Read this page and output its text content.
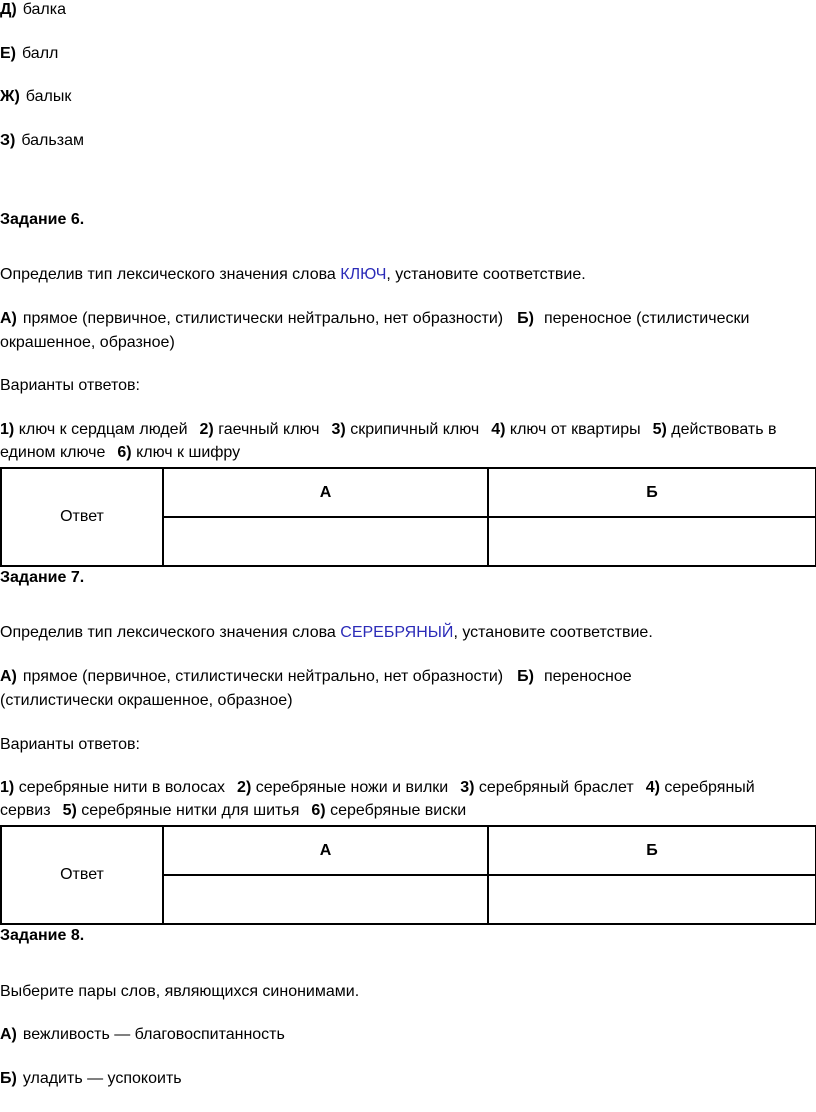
Д) балка
Е) балл
Ж) балык
З) бальзам
Задание 6.
Определив тип лексического значения слова КЛЮЧ, установите соответствие.
А) прямое (первичное, стилистически нейтрально, нет образности) Б) переносное (стилистически
окрашенное, образное)
Варианты ответов:
1) ключ к сердцам людей 2) гаечный ключ 3) скрипичный ключ 4) ключ от квартиры 5) действовать в
едином ключе 6) ключ к шифру
Ответ	А	Б

Задание 7.
Определив тип лексического значения слова СЕРЕБРЯНЫЙ, установите соответствие.
А) прямое (первичное, стилистически нейтрально, нет образности) Б) переносное
(стилистически окрашенное, образное)
Варианты ответов:
1) серебряные нити в волосах 2) серебряные ножи и вилки 3) серебряный браслет 4) серебряный
сервиз 5) серебряные нитки для шитья 6) серебряные виски
Ответ	А	Б

Задание 8.
Выберите пары слов, являющихся синонимами.
А) вежливость — благовоспитанность
Б) уладить — успокоить
